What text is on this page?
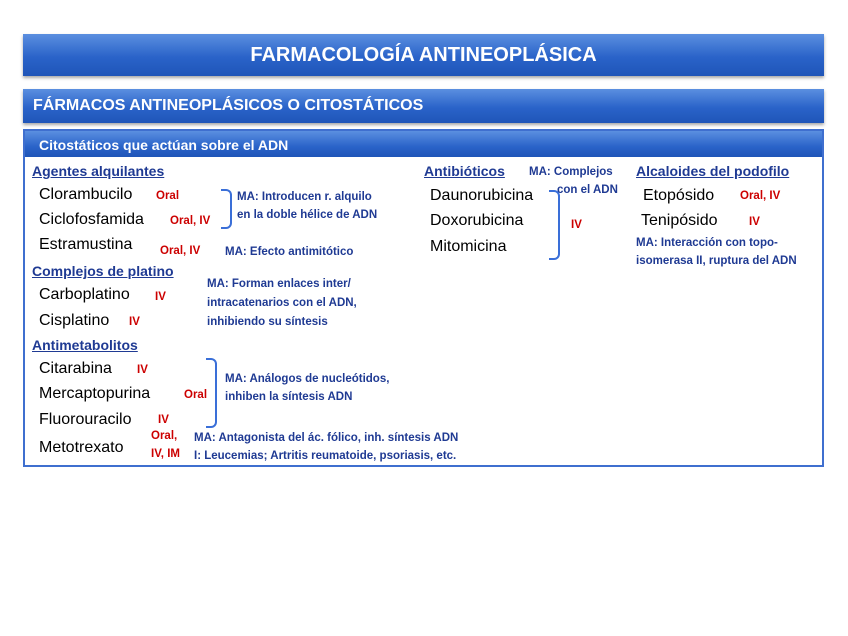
FARMACOLOGÍA ANTINEOPLÁSICA
FÁRMACOS ANTINEOPLÁSICOS O CITOSTÁTICOS
Citostáticos que actúan sobre el ADN
Agentes alquilantes
Clorambucilo Oral
Ciclofosfamida Oral, IV
Estramustina Oral, IV
MA: Introducen r. alquilo
en la doble hélice de ADN
MA: Efecto antimitótico
Complejos de platino
Carboplatino IV
Cisplatino IV
MA: Forman enlaces inter/
intracatenarios con el ADN,
inhibiendo su síntesis
Antimetabolitos
Citarabina IV
Mercaptopurina	Oral
Fluorouracilo IV
MA: Análogos de nucleótidos,
inhiben la síntesis ADN
Metotrexato
Oral,
IV, IM
MA: Antagonista del ác. fólico, inh. síntesis ADN
I: Leucemias; Artritis reumatoide, psoriasis, etc.
Antibióticos MA: Complejos
con el ADN
Daunorubicina
Doxorubicina
Mitomicina
IV
Alcaloides del podofilo
Etopósido Oral, IV
Tenipósido	IV
MA: Interacción con topo-
isomerasa II, ruptura del ADN
